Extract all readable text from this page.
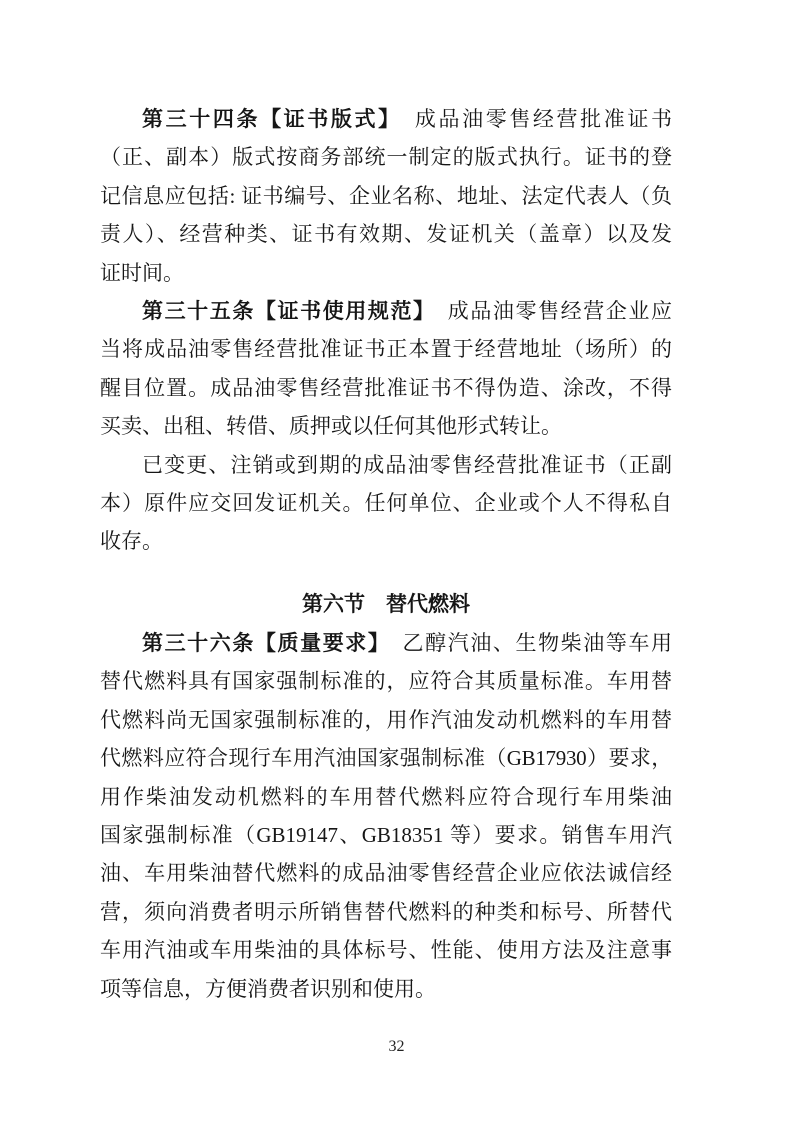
第三十四条【证书版式】　成品油零售经营批准证书
（正、副本）版式按商务部统一制定的版式执行。证书的登
记信息应包括: 证书编号、企业名称、地址、法定代表人（负
责人）、经营种类、证书有效期、发证机关（盖章）以及发
证时间。

第三十五条【证书使用规范】　成品油零售经营企业应
当将成品油零售经营批准证书正本置于经营地址（场所）的
醒目位置。成品油零售经营批准证书不得伪造、涂改，不得
买卖、出租、转借、质押或以任何其他形式转让。

已变更、注销或到期的成品油零售经营批准证书（正副
本）原件应交回发证机关。任何单位、企业或个人不得私自
收存。

第六节　替代燃料

第三十六条【质量要求】　乙醇汽油、生物柴油等车用
替代燃料具有国家强制标准的，应符合其质量标准。车用替
代燃料尚无国家强制标准的，用作汽油发动机燃料的车用替
代燃料应符合现行车用汽油国家强制标准（GB17930）要求，
用作柴油发动机燃料的车用替代燃料应符合现行车用柴油
国家强制标准（GB19147、GB18351 等）要求。销售车用汽
油、车用柴油替代燃料的成品油零售经营企业应依法诚信经
营，须向消费者明示所销售替代燃料的种类和标号、所替代
车用汽油或车用柴油的具体标号、性能、使用方法及注意事
项等信息，方便消费者识别和使用。

32
